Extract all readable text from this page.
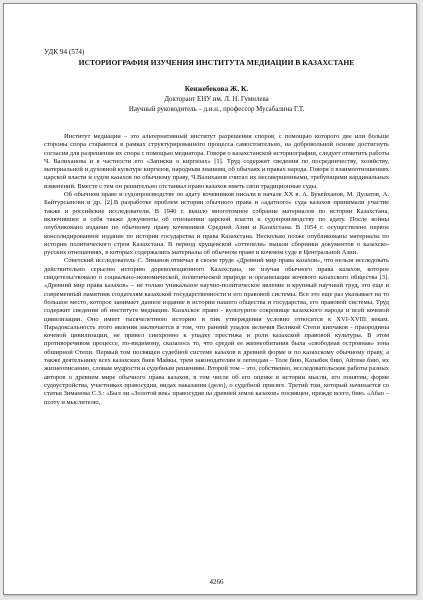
УДК 94 (574)
ИСТОРИОГРАФИЯ ИЗУЧЕНИЯ ИНСТИТУТА МЕДИАЦИИ В КАЗАХСТАНЕ
Кенжебекова Ж. К.
Докторант ЕНУ им. Л. Н. Гумилева
Научный руководитель – д.и.н., профессор Мусабалина Г.Т.

Институт медиации – это альтернативный институт разрешения споров, с помощью которого две или больше стороны спора стараются в рамках структурированного процесса самостоятельно, на добровольной основе достигнуть согласия для разрешения их спора с помощью медиатора. Говоря о казахстанской историографии, следует отметить работы Ч. Валиханова и в частности его «Записки о киргизах» [1]. Труд содержит сведения по посредничеству, хозяйству, материальной и духовной культуре киргизов, народным знаниям, об обычаях и правах народа. Говоря о взаимоотношениях царской власти и судов казахов по обычному праву, Ч.Валиханов считал их несовершенными, требующими кардинальных изменений. Вместе с тем он решительно отстаивал право казахов иметь свои традиционные суды.

Об обычном праве и судопроизводстве по адату кочевников писали в начале XX в. А. Букейханов, М. Дулатов, А. Байтурсынови и др. [2].В разработке проблем истории обычного права и «адатного» суда казахов принимали участие также и российские исследователи. В 1940 г. вышло многотомное собрание материалов по истории Казахстана, включившее в себя также документы об отношении царской власти к судопроизводству по адату. После войны опубликовано издание по обычному праву кочевников Средней Азии и Казахстана. В 1954 г. осуществлено первое консолидированное издание по истории государства и права Казахстана. Несколько позже опубликованы материалы по истории политического строя Казахстана. В период хрущевской «оттепели» вышли сборники документов о казахско-русских отношениях, в которых содержались материалы об обычном праве и кочевом суде в Центральной Азии.

Советский исследователь С. Зиманов отмечал в своем труде «Древний мир права казахов», что нельзя исследовать действительно серьезно историю дореволюционного Казахстана, не изучая обычного права казахов, которое свидетельствовало о социально-экономической, политической природе и организации кочевого казахского общества [3]. «Древний мир права казахов» – не только уникальное научно-политическое явление и крупный научный труд, это еще и современный памятник создателям казахской государственности и его правовой системы. Все это еще раз указывает на то большое место, которое занимает данное издание в истории нашего общества и государства, его правовой системы. Труд содержит сведения об институте медиации. Казахское право - культурное сокровище казахского народа и всей кочевой цивилизации. Оно имеет тысячелетнюю историю и пик утверждения условно относится к XVI-XVIII векам. Парадоксальность этого явления заключается в том, что ранний упадок величия Великой Степи кипчаков - праородины кочевой цивилизации, не привел синхронно к упадку престижа и роли казахской правовой культуры. В этом противоречивом процессе, по-видимому, сказалось то, что средой ее жизнеобитания была «свободная островная» зона обширной Степи. Первый том посвящен судебной системе казахов в древней форме и по казахскому обычному праву, а также деятельнику всех казахских биев Майкы, трем законодателям и легендам – Толе бию, Казыбек бию, Айтеке бию, их жизнеописанию, словам мудрости и судебным решениям. Второй том – это, собственно, исследовательские работы разных авторов о древнем мире обычного права казахов, в том числе об его оценке в истории мысли, его понятии, форме судоустройства, участниках правосудия, видах наказания (дело), о судебной присяге. Третий том, который начинается со статьи Зиманова С.З.: «Был ли «Золотой век» правосудия на древней земле казахов» посвящен, прежде всего, бию. «Абао – поэту и мыслителю,

4266
